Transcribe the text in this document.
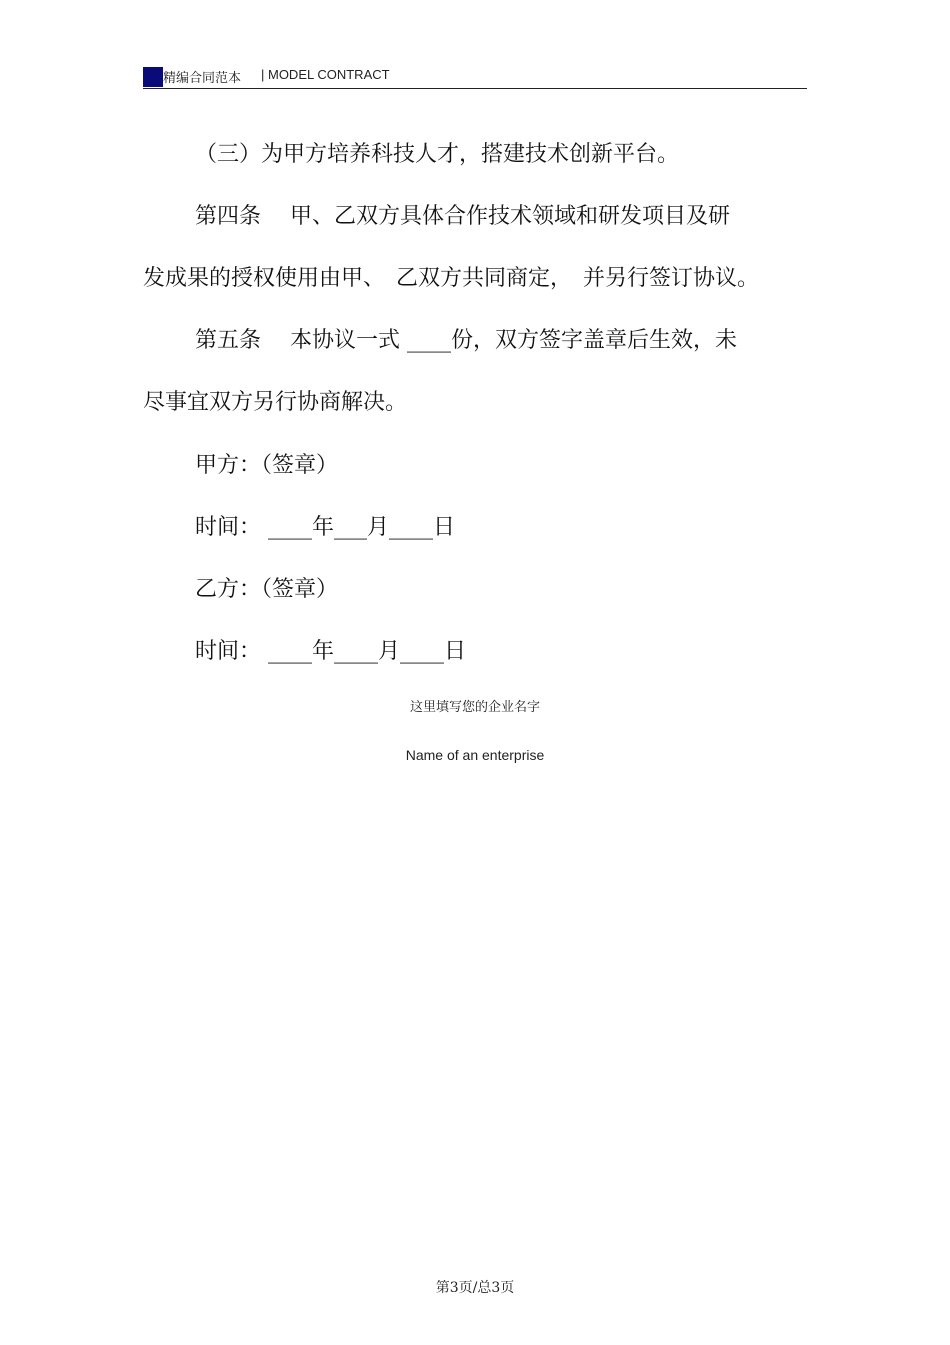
精编合同范本 | MODEL CONTRACT
（三）为甲方培养科技人才，搭建技术创新平台。
第四条　 甲、乙双方具体合作技术领域和研发项目及研
发成果的授权使用由甲、　乙双方共同商定，　并另行签订协议。
第五条　 本协议一式 ____份，双方签字盖章后生效，未
尽事宜双方另行协商解决。
甲方：（签章）
时间： ____年___月____日
乙方：（签章）
时间： ____年____月____日
这里填写您的企业名字
Name of an enterprise
第3页/总3页
